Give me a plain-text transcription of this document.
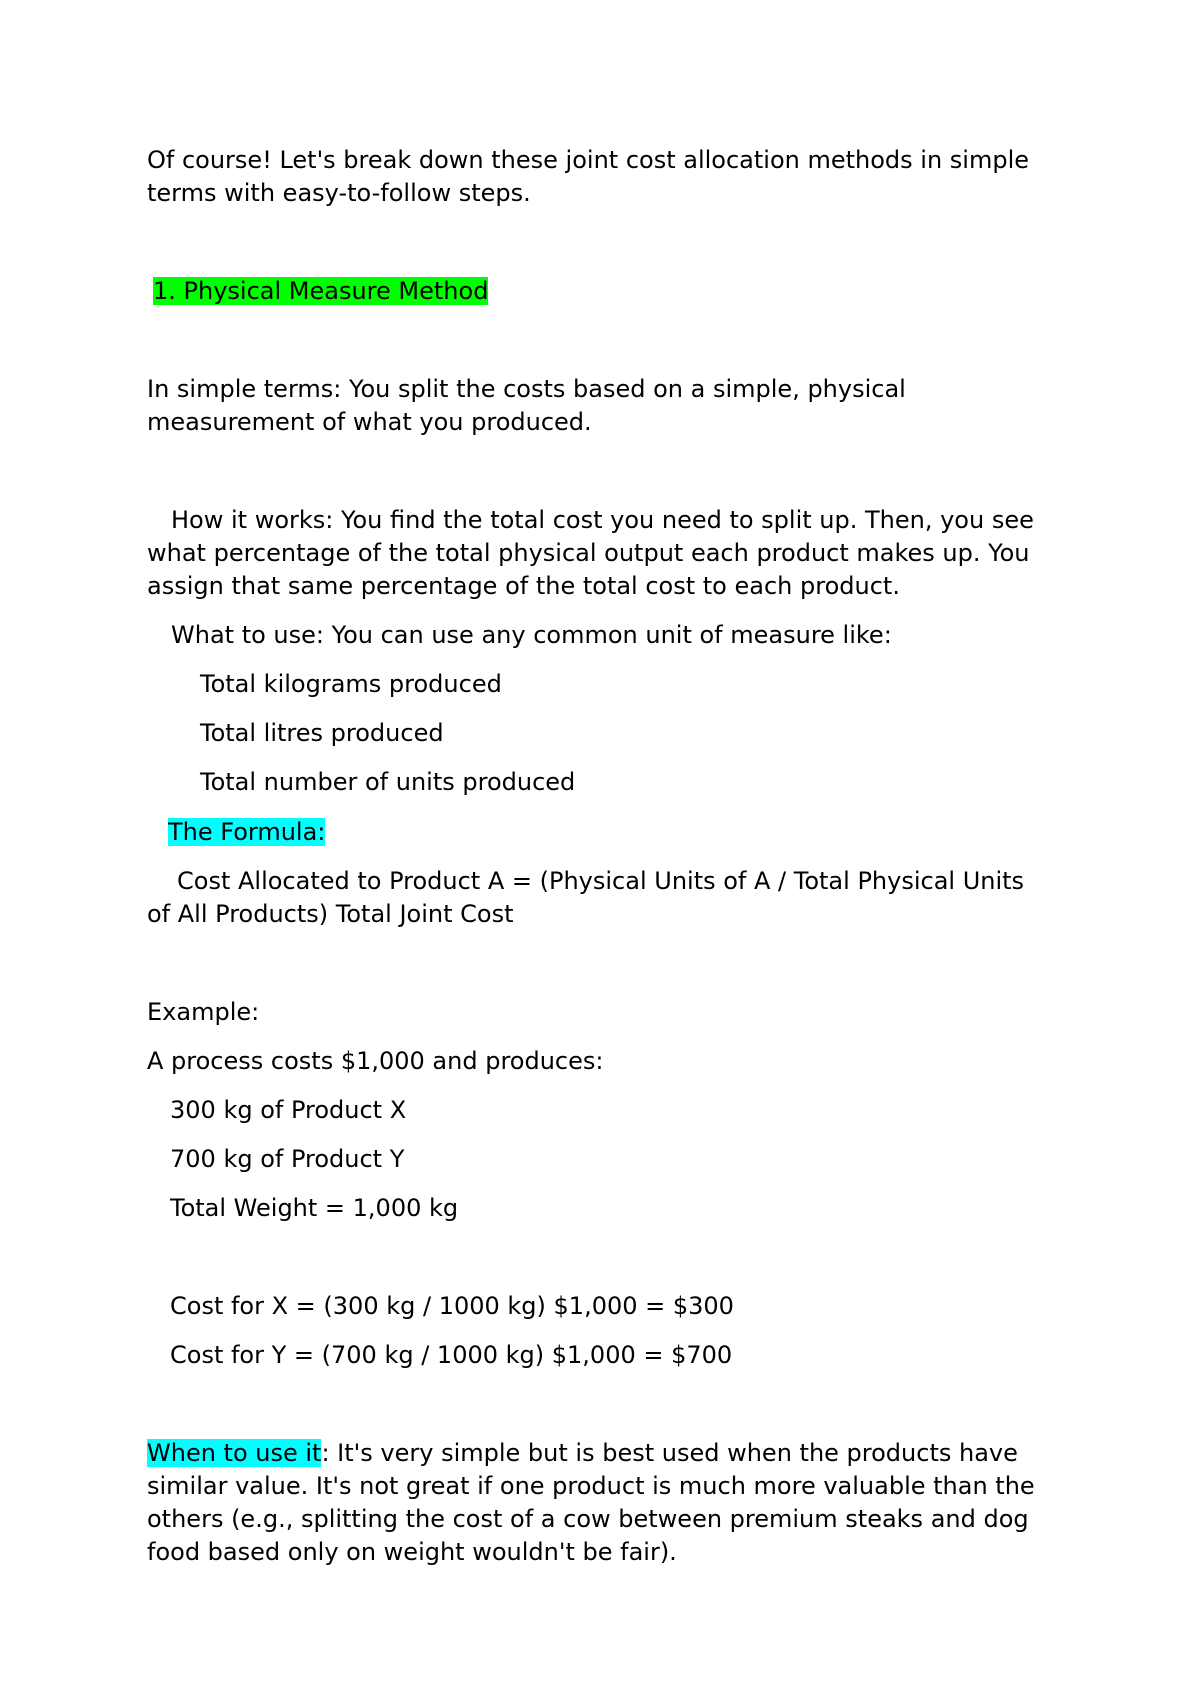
Of course! Let's break down these joint cost allocation methods in simple

terms with easy-to-follow steps.

1. Physical Measure Method

In simple terms: You split the costs based on a simple, physical

measurement of what you produced.

How it works: You find the total cost you need to split up. Then, you see

what percentage of the total physical output each product makes up. You

assign that same percentage of the total cost to each product.

What to use: You can use any common unit of measure like:

Total kilograms produced

Total litres produced

Total number of units produced

The Formula:

Cost Allocated to Product A = (Physical Units of A / Total Physical Units

of All Products) Total Joint Cost

Example:

A process costs $1,000 and produces:

300 kg of Product X

700 kg of Product Y

Total Weight = 1,000 kg

Cost for X = (300 kg / 1000 kg) $1,000 = $300

Cost for Y = (700 kg / 1000 kg) $1,000 = $700

When to use it: It's very simple but is best used when the products have

similar value. It's not great if one product is much more valuable than the

others (e.g., splitting the cost of a cow between premium steaks and dog

food based only on weight wouldn't be fair).
